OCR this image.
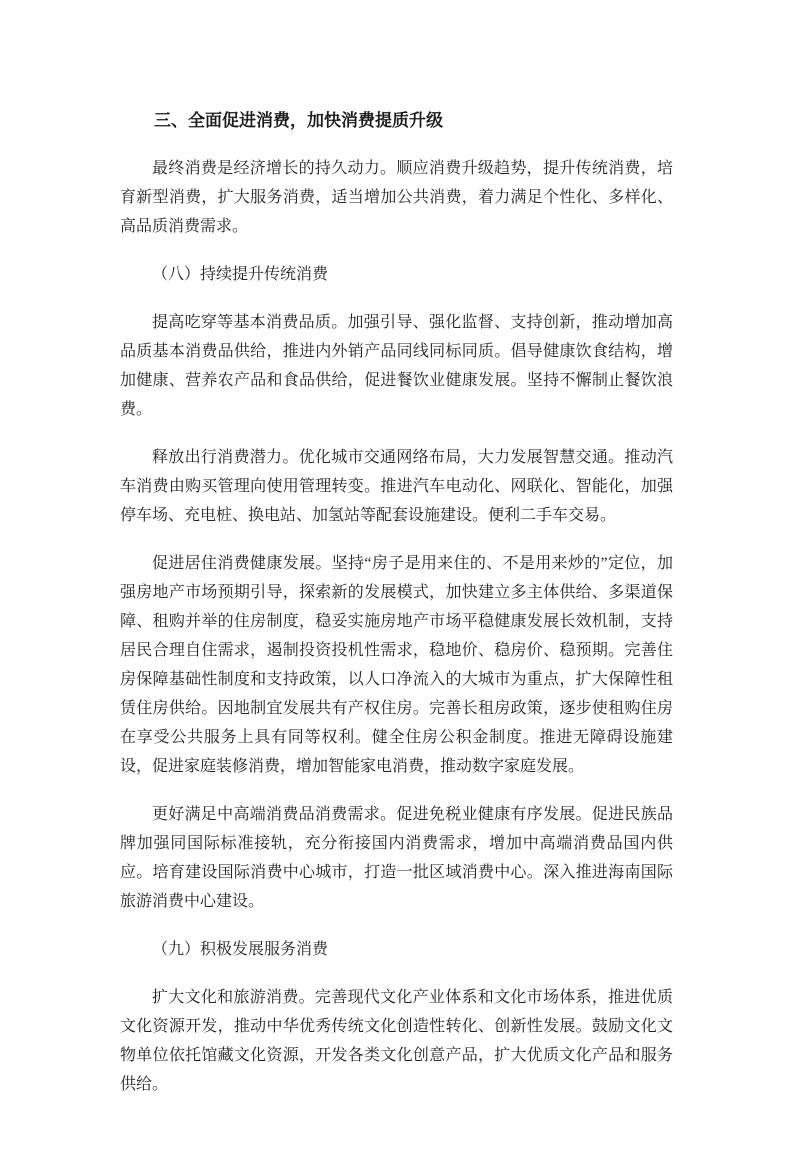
三、全面促进消费，加快消费提质升级

最终消费是经济增长的持久动力。顺应消费升级趋势，提升传统消费，培育新型消费，扩大服务消费，适当增加公共消费，着力满足个性化、多样化、高品质消费需求。

（八）持续提升传统消费

提高吃穿等基本消费品质。加强引导、强化监督、支持创新，推动增加高品质基本消费品供给，推进内外销产品同线同标同质。倡导健康饮食结构，增加健康、营养农产品和食品供给，促进餐饮业健康发展。坚持不懈制止餐饮浪费。

释放出行消费潜力。优化城市交通网络布局，大力发展智慧交通。推动汽车消费由购买管理向使用管理转变。推进汽车电动化、网联化、智能化，加强停车场、充电桩、换电站、加氢站等配套设施建设。便利二手车交易。

促进居住消费健康发展。坚持“房子是用来住的、不是用来炒的”定位，加强房地产市场预期引导，探索新的发展模式，加快建立多主体供给、多渠道保障、租购并举的住房制度，稳妥实施房地产市场平稳健康发展长效机制，支持居民合理自住需求，遏制投资投机性需求，稳地价、稳房价、稳预期。完善住房保障基础性制度和支持政策，以人口净流入的大城市为重点，扩大保障性租赁住房供给。因地制宜发展共有产权住房。完善长租房政策，逐步使租购住房在享受公共服务上具有同等权利。健全住房公积金制度。推进无障碍设施建设，促进家庭装修消费，增加智能家电消费，推动数字家庭发展。

更好满足中高端消费品消费需求。促进免税业健康有序发展。促进民族品牌加强同国际标准接轨，充分衔接国内消费需求，增加中高端消费品国内供应。培育建设国际消费中心城市，打造一批区域消费中心。深入推进海南国际旅游消费中心建设。

（九）积极发展服务消费

扩大文化和旅游消费。完善现代文化产业体系和文化市场体系，推进优质文化资源开发，推动中华优秀传统文化创造性转化、创新性发展。鼓励文化文物单位依托馆藏文化资源，开发各类文化创意产品，扩大优质文化产品和服务供给。
